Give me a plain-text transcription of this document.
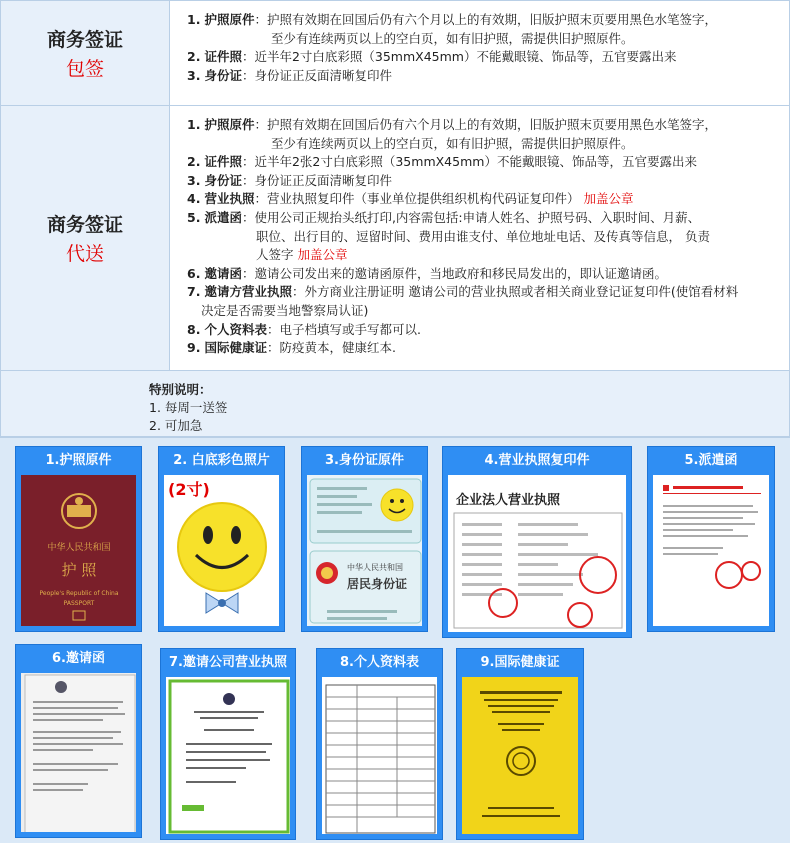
商务签证
包签
1. 护照原件：护照有效期在回国后仍有六个月以上的有效期，旧版护照末页要用黑色水笔签字，
至少有连续两页以上的空白页，如有旧护照，需提供旧护照原件。
2. 证件照：近半年2寸白底彩照（35mmX45mm）不能戴眼镜、饰品等，五官要露出来
3. 身份证：身份证正反面清晰复印件
商务签证
代送
1. 护照原件：护照有效期在回国后仍有六个月以上的有效期，旧版护照末页要用黑色水笔签字，
至少有连续两页以上的空白页，如有旧护照，需提供旧护照原件。
2. 证件照：近半年2张2寸白底彩照（35mmX45mm）不能戴眼镜、饰品等，五官要露出来
3. 身份证：身份证正反面清晰复印件
4. 营业执照：营业执照复印件（事业单位提供组织机构代码证复印件） 加盖公章
5. 派遣函：使用公司正规抬头纸打印,内容需包括:申请人姓名、护照号码、入职时间、月薪、
职位、出行目的、逗留时间、费用由谁支付、单位地址电话、及传真等信息， 负责
人签字 加盖公章
6. 邀请函：邀请公司发出来的邀请函原件，当地政府和移民局发出的，即认证邀请函。
7. 邀请方营业执照：外方商业注册证明 邀请公司的营业执照或者相关商业登记证复印件(使馆看材料
决定是否需要当地警察局认证)
8. 个人资料表：电子档填写或手写都可以.
9. 国际健康证：防疫黄本，健康红本.
特别说明：
1. 每周一送签
2. 可加急
1.护照原件
中华人民共和国
护 照
People's Republic of China
PASSPORT
2. 白底彩色照片
(2寸)
3.身份证原件
中华人民共和国
居民身份证
4.营业执照复印件
企业法人营业执照
5.派遣函
6.邀请函	7.邀请公司营业执照	8.个人资料表	9.国际健康证
